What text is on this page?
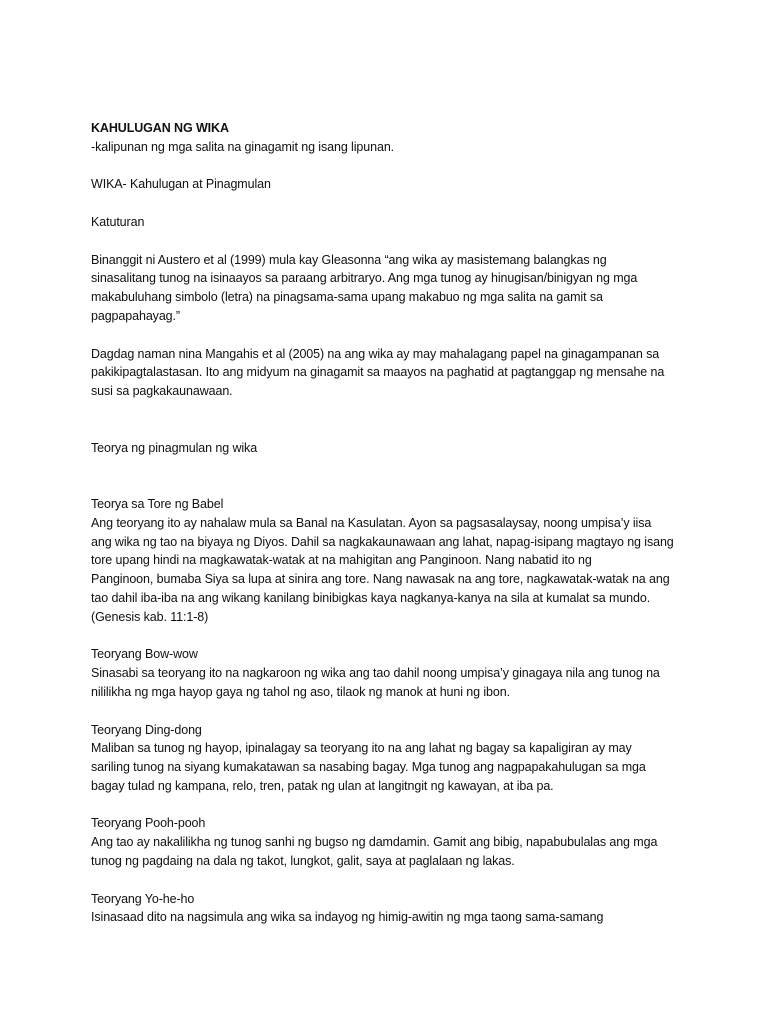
KAHULUGAN NG WIKA
-kalipunan ng mga salita na ginagamit ng isang lipunan.
WIKA- Kahulugan at Pinagmulan
Katuturan
Binanggit ni Austero et al (1999) mula kay Gleasonna “ang wika ay masistemang balangkas ng
sinasalitang tunog na isinaayos sa paraang arbitraryo. Ang mga tunog ay hinugisan/binigyan ng mga
makabuluhang simbolo (letra) na pinagsama-sama upang makabuo ng mga salita na gamit sa
pagpapahayag.”
Dagdag naman nina Mangahis et al (2005) na ang wika ay may mahalagang papel na ginagampanan sa
pakikipagtalastasan. Ito ang midyum na ginagamit sa maayos na paghatid at pagtanggap ng mensahe na
susi sa pagkakaunawaan.
Teorya ng pinagmulan ng wika
Teorya sa Tore ng Babel
Ang teoryang ito ay nahalaw mula sa Banal na Kasulatan. Ayon sa pagsasalaysay, noong umpisa’y iisa
ang wika ng tao na biyaya ng Diyos. Dahil sa nagkakaunawaan ang lahat, napag-isipang magtayo ng isang
tore upang hindi na magkawatak-watak at na mahigitan ang Panginoon. Nang nabatid ito ng
Panginoon, bumaba Siya sa lupa at sinira ang tore. Nang nawasak na ang tore, nagkawatak-watak na ang
tao dahil iba-iba na ang wikang kanilang binibigkas kaya nagkanya-kanya na sila at kumalat sa mundo.
(Genesis kab. 11:1-8)
Teoryang Bow-wow
Sinasabi sa teoryang ito na nagkaroon ng wika ang tao dahil noong umpisa’y ginagaya nila ang tunog na
nililikha ng mga hayop gaya ng tahol ng aso, tilaok ng manok at huni ng ibon.
Teoryang Ding-dong
Maliban sa tunog ng hayop, ipinalagay sa teoryang ito na ang lahat ng bagay sa kapaligiran ay may
sariling tunog na siyang kumakatawan sa nasabing bagay. Mga tunog ang nagpapakahulugan sa mga
bagay tulad ng kampana, relo, tren, patak ng ulan at langitngit ng kawayan, at iba pa.
Teoryang Pooh-pooh
Ang tao ay nakalilikha ng tunog sanhi ng bugso ng damdamin. Gamit ang bibig, napabubulalas ang mga
tunog ng pagdaing na dala ng takot, lungkot, galit, saya at paglalaan ng lakas.
Teoryang Yo-he-ho
Isinasaad dito na nagsimula ang wika sa indayog ng himig-awitin ng mga taong sama-samang
